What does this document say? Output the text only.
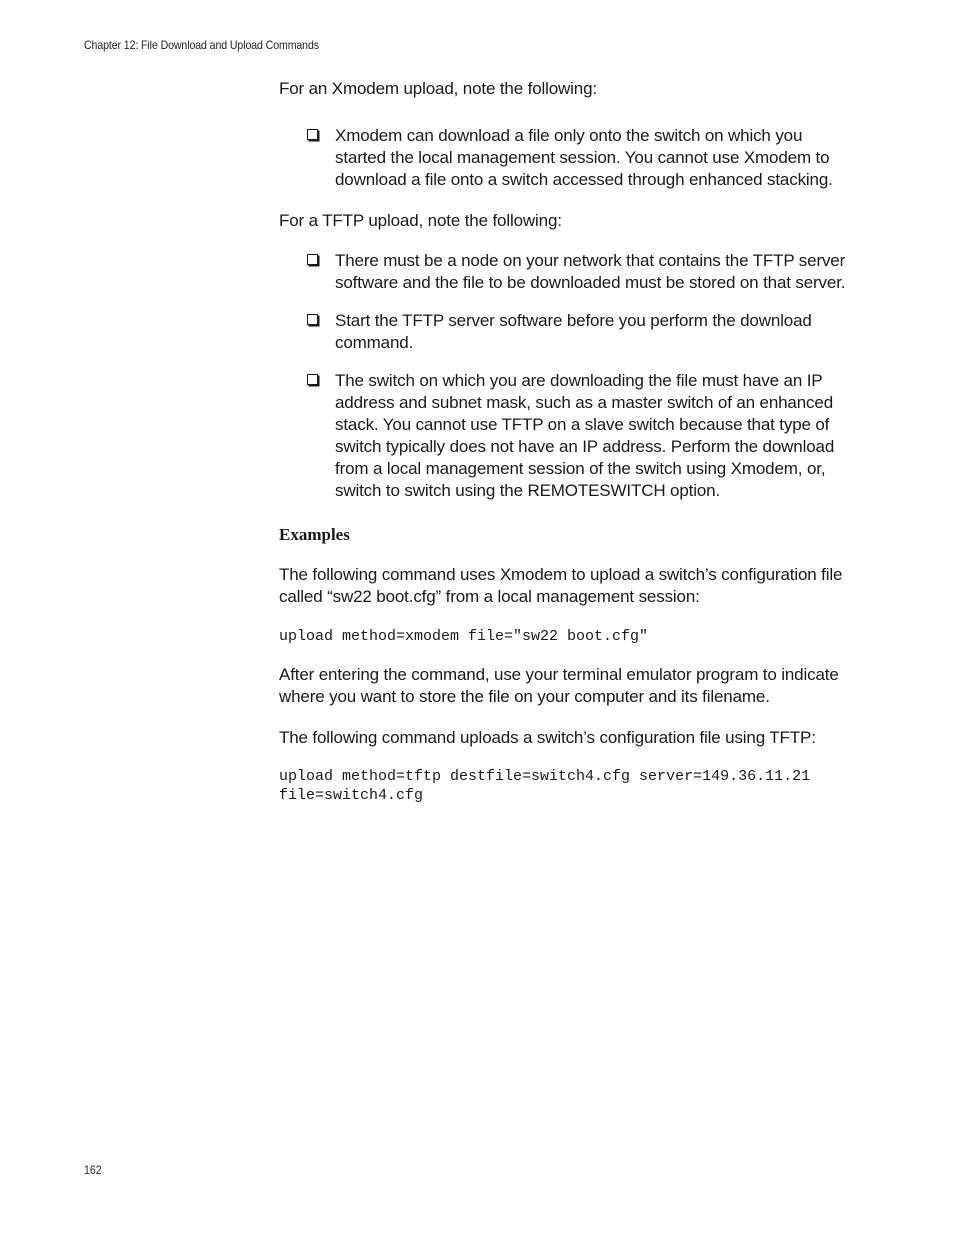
Chapter 12: File Download and Upload Commands

For an Xmodem upload, note the following:

Xmodem can download a file only onto the switch on which you started the local management session. You cannot use Xmodem to download a file onto a switch accessed through enhanced stacking.

For a TFTP upload, note the following:

There must be a node on your network that contains the TFTP server software and the file to be downloaded must be stored on that server.
Start the TFTP server software before you perform the download command.
The switch on which you are downloading the file must have an IP address and subnet mask, such as a master switch of an enhanced stack. You cannot use TFTP on a slave switch because that type of switch typically does not have an IP address. Perform the download from a local management session of the switch using Xmodem, or, switch to switch using the REMOTESWITCH option.
Examples

The following command uses Xmodem to upload a switch’s configuration file called “sw22 boot.cfg” from a local management session:

upload method=xmodem file="sw22 boot.cfg"

After entering the command, use your terminal emulator program to indicate where you want to store the file on your computer and its filename.

The following command uploads a switch’s configuration file using TFTP:

upload method=tftp destfile=switch4.cfg server=149.36.11.21
file=switch4.cfg
162
